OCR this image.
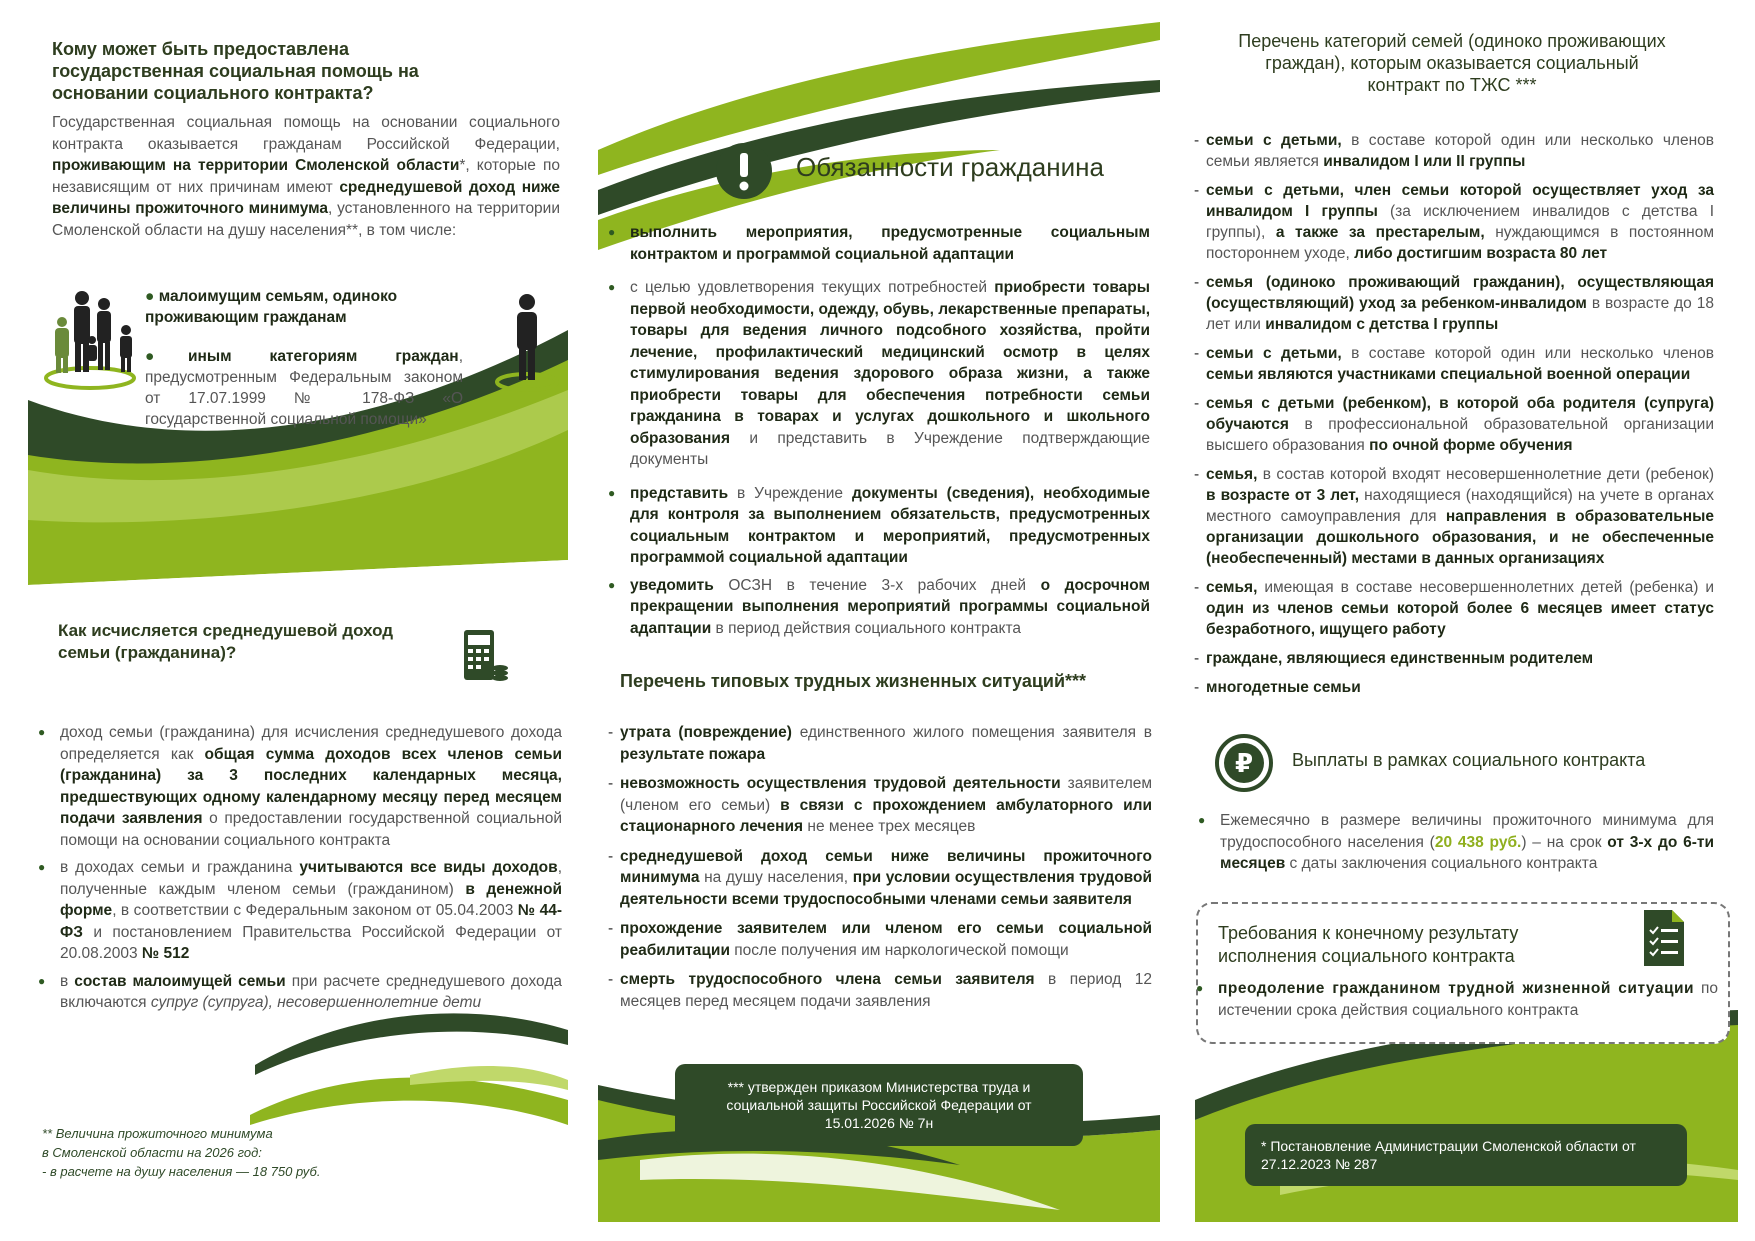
Кому может быть предоставлена государственная социальная помощь на основании социального контракта?

Государственная социальная помощь на основании социального контракта оказывается гражданам Российской Федерации, проживающим на территории Смоленской области*, которые по независящим от них причинам имеют среднедушевой доход ниже величины прожиточного минимума, установленного на территории Смоленской области на душу населения**, в том числе:

● малоимущим семьям, одиноко проживающим гражданам
●иным категориям граждан, предусмотренным Федеральным законом от 17.07.1999 № 178-ФЗ «О государственной социальной помощи»
Как исчисляется среднедушевой доход семьи (гражданина)?
● доход семьи (гражданина) для исчисления среднедушевого дохода определяется как общая сумма доходов всех членов семьи (гражданина) за 3 последних календарных месяца, предшествующих одному календарному месяцу перед месяцем подачи заявления о предоставлении государственной социальной помощи на основании социального контракта
● в доходах семьи и гражданина учитываются все виды доходов, полученные каждым членом семьи (гражданином) в денежной форме, в соответствии с Федеральным законом от 05.04.2003 № 44-ФЗ и постановлением Правительства Российской Федерации от 20.08.2003 № 512
● в состав малоимущей семьи при расчете среднедушевого дохода включаются супруг (супруга), несовершеннолетние дети
** Величина прожиточного минимума
в Смоленской области на 2026 год:
- в расчете на душу населения — 18 750 руб.
Обязанности гражданина
● выполнить мероприятия, предусмотренные социальным контрактом и программой социальной адаптации
● с целью удовлетворения текущих потребностей приобрести товары первой необходимости, одежду, обувь, лекарственные препараты, товары для ведения личного подсобного хозяйства, пройти лечение, профилактический медицинский осмотр в целях стимулирования ведения здорового образа жизни, а также приобрести товары для обеспечения потребности семьи гражданина в товарах и услугах дошкольного и школьного образования и представить в Учреждение подтверждающие документы
● представить в Учреждение документы (сведения), необходимые для контроля за выполнением обязательств, предусмотренных социальным контрактом и мероприятий, предусмотренных программой социальной адаптации
● уведомить ОСЗН в течение 3-х рабочих дней о досрочном прекращении выполнения мероприятий программы социальной адаптации в период действия социального контракта
Перечень типовых трудных жизненных ситуаций***
- утрата (повреждение) единственного жилого помещения заявителя в результате пожара
- невозможность осуществления трудовой деятельности заявителем (членом его семьи) в связи с прохождением амбулаторного или стационарного лечения не менее трех месяцев
- среднедушевой доход семьи ниже величины прожиточного минимума на душу населения, при условии осуществления трудовой деятельности всеми трудоспособными членами семьи заявителя
- прохождение заявителем или членом его семьи социальной реабилитации после получения им наркологической помощи
- смерть трудоспособного члена семьи заявителя в период 12 месяцев перед месяцем подачи заявления
*** утвержден приказом Министерства труда и социальной защиты Российской Федерации от 15.01.2026 № 7н
Перечень категорий семей (одиноко проживающих граждан), которым оказывается социальный контракт по ТЖС ***
- семьи с детьми, в составе которой один или несколько членов семьи является инвалидом I или II группы
- семьи с детьми, член семьи которой осуществляет уход за инвалидом I группы (за исключением инвалидов с детства I группы), а также за престарелым, нуждающимся в постоянном постороннем уходе, либо достигшим возраста 80 лет
- семья (одиноко проживающий гражданин), осуществляющая (осуществляющий) уход за ребенком-инвалидом в возрасте до 18 лет или инвалидом с детства I группы
- семьи с детьми, в составе которой один или несколько членов семьи являются участниками специальной военной операции
- семья с детьми (ребенком), в которой оба родителя (супруга) обучаются в профессиональной образовательной организации высшего образования по очной форме обучения
- семья, в состав которой входят несовершеннолетние дети (ребенок) в возрасте от 3 лет, находящиеся (находящийся) на учете в органах местного самоуправления для направления в образовательные организации дошкольного образования, и не обеспеченные (необеспеченный) местами в данных организациях
- семья, имеющая в составе несовершеннолетних детей (ребенка) и один из членов семьи которой более 6 месяцев имеет статус безработного, ищущего работу
- граждане, являющиеся единственным родителем
- многодетные семьи
₽ Выплаты в рамках социального контракта
● Ежемесячно в размере величины прожиточного минимума для трудоспособного населения (20 438 руб.) – на срок от 3-х до 6-ти месяцев с даты заключения социального контракта
Требования к конечному результату исполнения социального контракта
● преодоление гражданином трудной жизненной ситуации по истечении срока действия социального контракта
* Постановление Администрации Смоленской области от 27.12.2023 № 287
